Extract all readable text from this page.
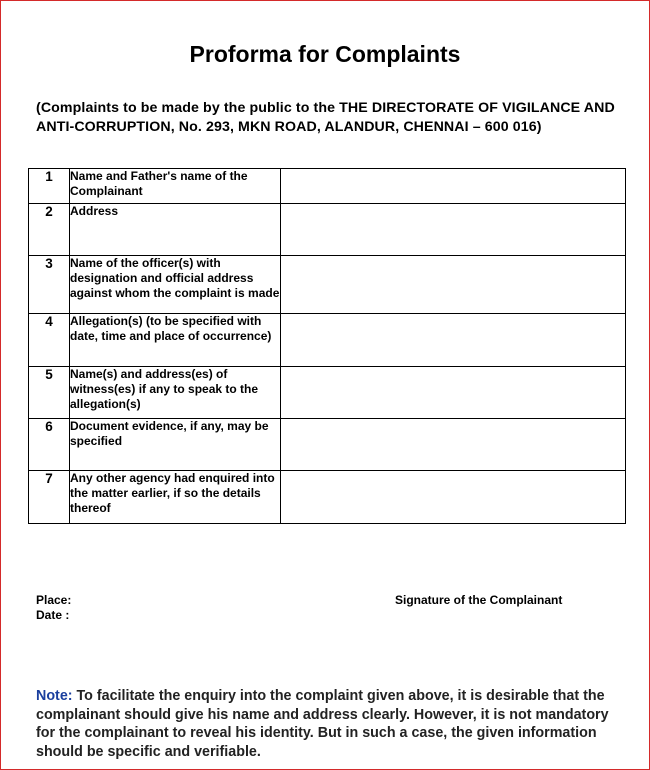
Proforma for Complaints
(Complaints to be made by the public to the THE DIRECTORATE OF VIGILANCE AND ANTI-CORRUPTION, No. 293, MKN ROAD, ALANDUR, CHENNAI – 600 016)
1	Name and Father's name of the Complainant	
2	Address	
3	Name of the officer(s) with designation and official address against whom the complaint is made	
4	Allegation(s) (to be specified with date, time and place of occurrence)	
5	Name(s) and address(es) of witness(es) if any to speak to the allegation(s)	
6	Document evidence, if any, may be specified	
7	Any other agency had enquired into the matter earlier, if so the details thereof	
Place:
Date :
Signature of the Complainant
Note: To facilitate the enquiry into the complaint given above, it is desirable that the complainant should give his name and address clearly. However, it is not mandatory for the complainant to reveal his identity. But in such a case, the given information should be specific and verifiable.
